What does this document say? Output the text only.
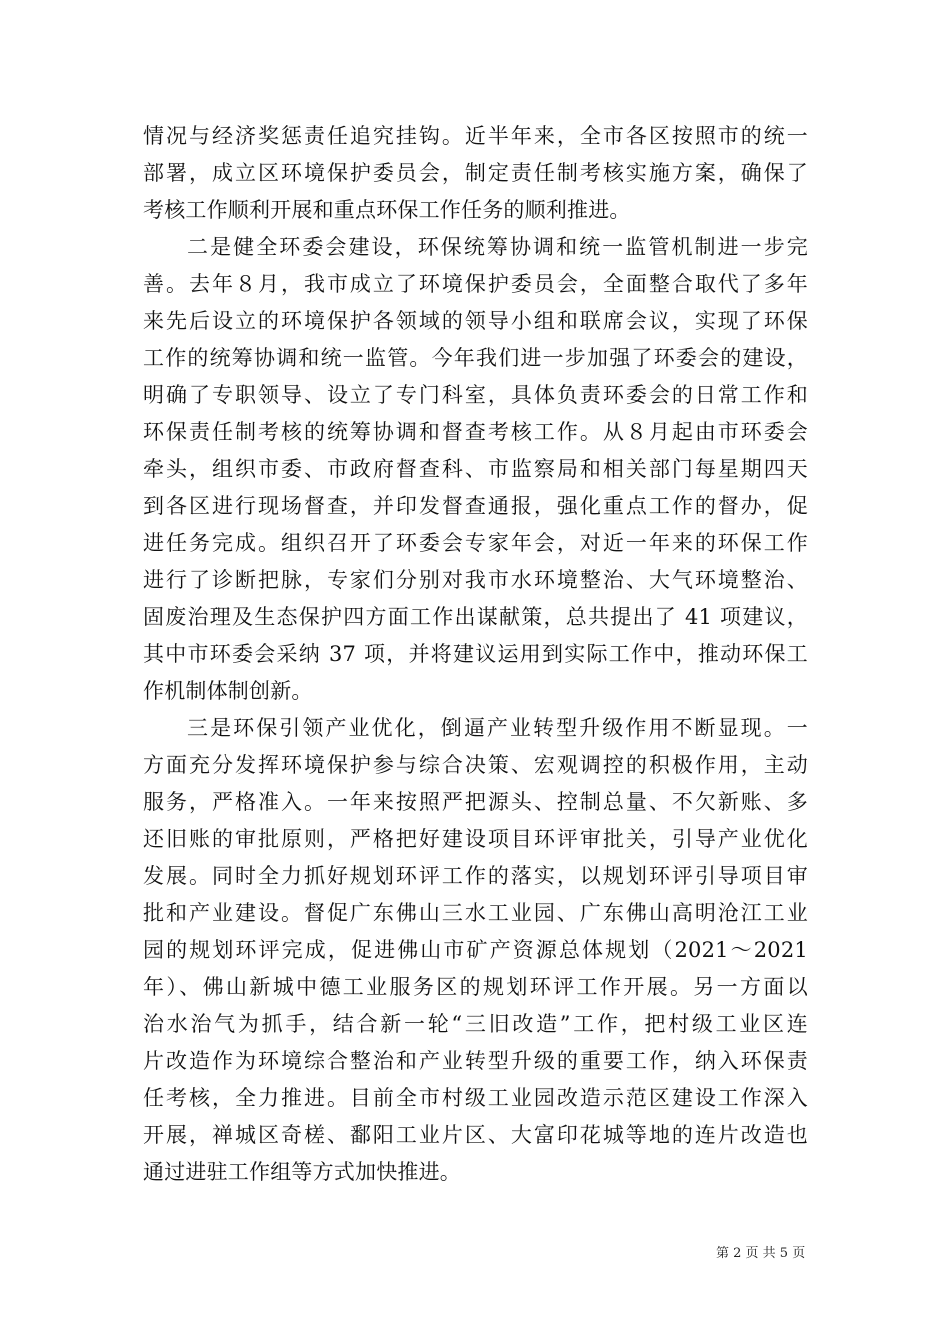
情况与经济奖惩责任追究挂钩。近半年来，全市各区按照市的统一
部署，成立区环境保护委员会，制定责任制考核实施方案，确保了
考核工作顺利开展和重点环保工作任务的顺利推进。
二是健全环委会建设，环保统筹协调和统一监管机制进一步完
善。去年８月，我市成立了环境保护委员会，全面整合取代了多年
来先后设立的环境保护各领域的领导小组和联席会议，实现了环保
工作的统筹协调和统一监管。今年我们进一步加强了环委会的建设，
明确了专职领导、设立了专门科室，具体负责环委会的日常工作和
环保责任制考核的统筹协调和督查考核工作。从８月起由市环委会
牵头，组织市委、市政府督查科、市监察局和相关部门每星期四天
到各区进行现场督查，并印发督查通报，强化重点工作的督办，促
进任务完成。组织召开了环委会专家年会，对近一年来的环保工作
进行了诊断把脉，专家们分别对我市水环境整治、大气环境整治、
固废治理及生态保护四方面工作出谋献策，总共提出了 41 项建议，
其中市环委会采纳 37 项，并将建议运用到实际工作中，推动环保工
作机制体制创新。
三是环保引领产业优化，倒逼产业转型升级作用不断显现。一
方面充分发挥环境保护参与综合决策、宏观调控的积极作用，主动
服务，严格准入。一年来按照严把源头、控制总量、不欠新账、多
还旧账的审批原则，严格把好建设项目环评审批关，引导产业优化
发展。同时全力抓好规划环评工作的落实，以规划环评引导项目审
批和产业建设。督促广东佛山三水工业园、广东佛山高明沧江工业
园的规划环评完成，促进佛山市矿产资源总体规划（2021～2021
年）、佛山新城中德工业服务区的规划环评工作开展。另一方面以
治水治气为抓手，结合新一轮“三旧改造”工作，把村级工业区连
片改造作为环境综合整治和产业转型升级的重要工作，纳入环保责
任考核，全力推进。目前全市村级工业园改造示范区建设工作深入
开展，禅城区奇槎、鄱阳工业片区、大富印花城等地的连片改造也
通过进驻工作组等方式加快推进。
第 2 页 共 5 页
